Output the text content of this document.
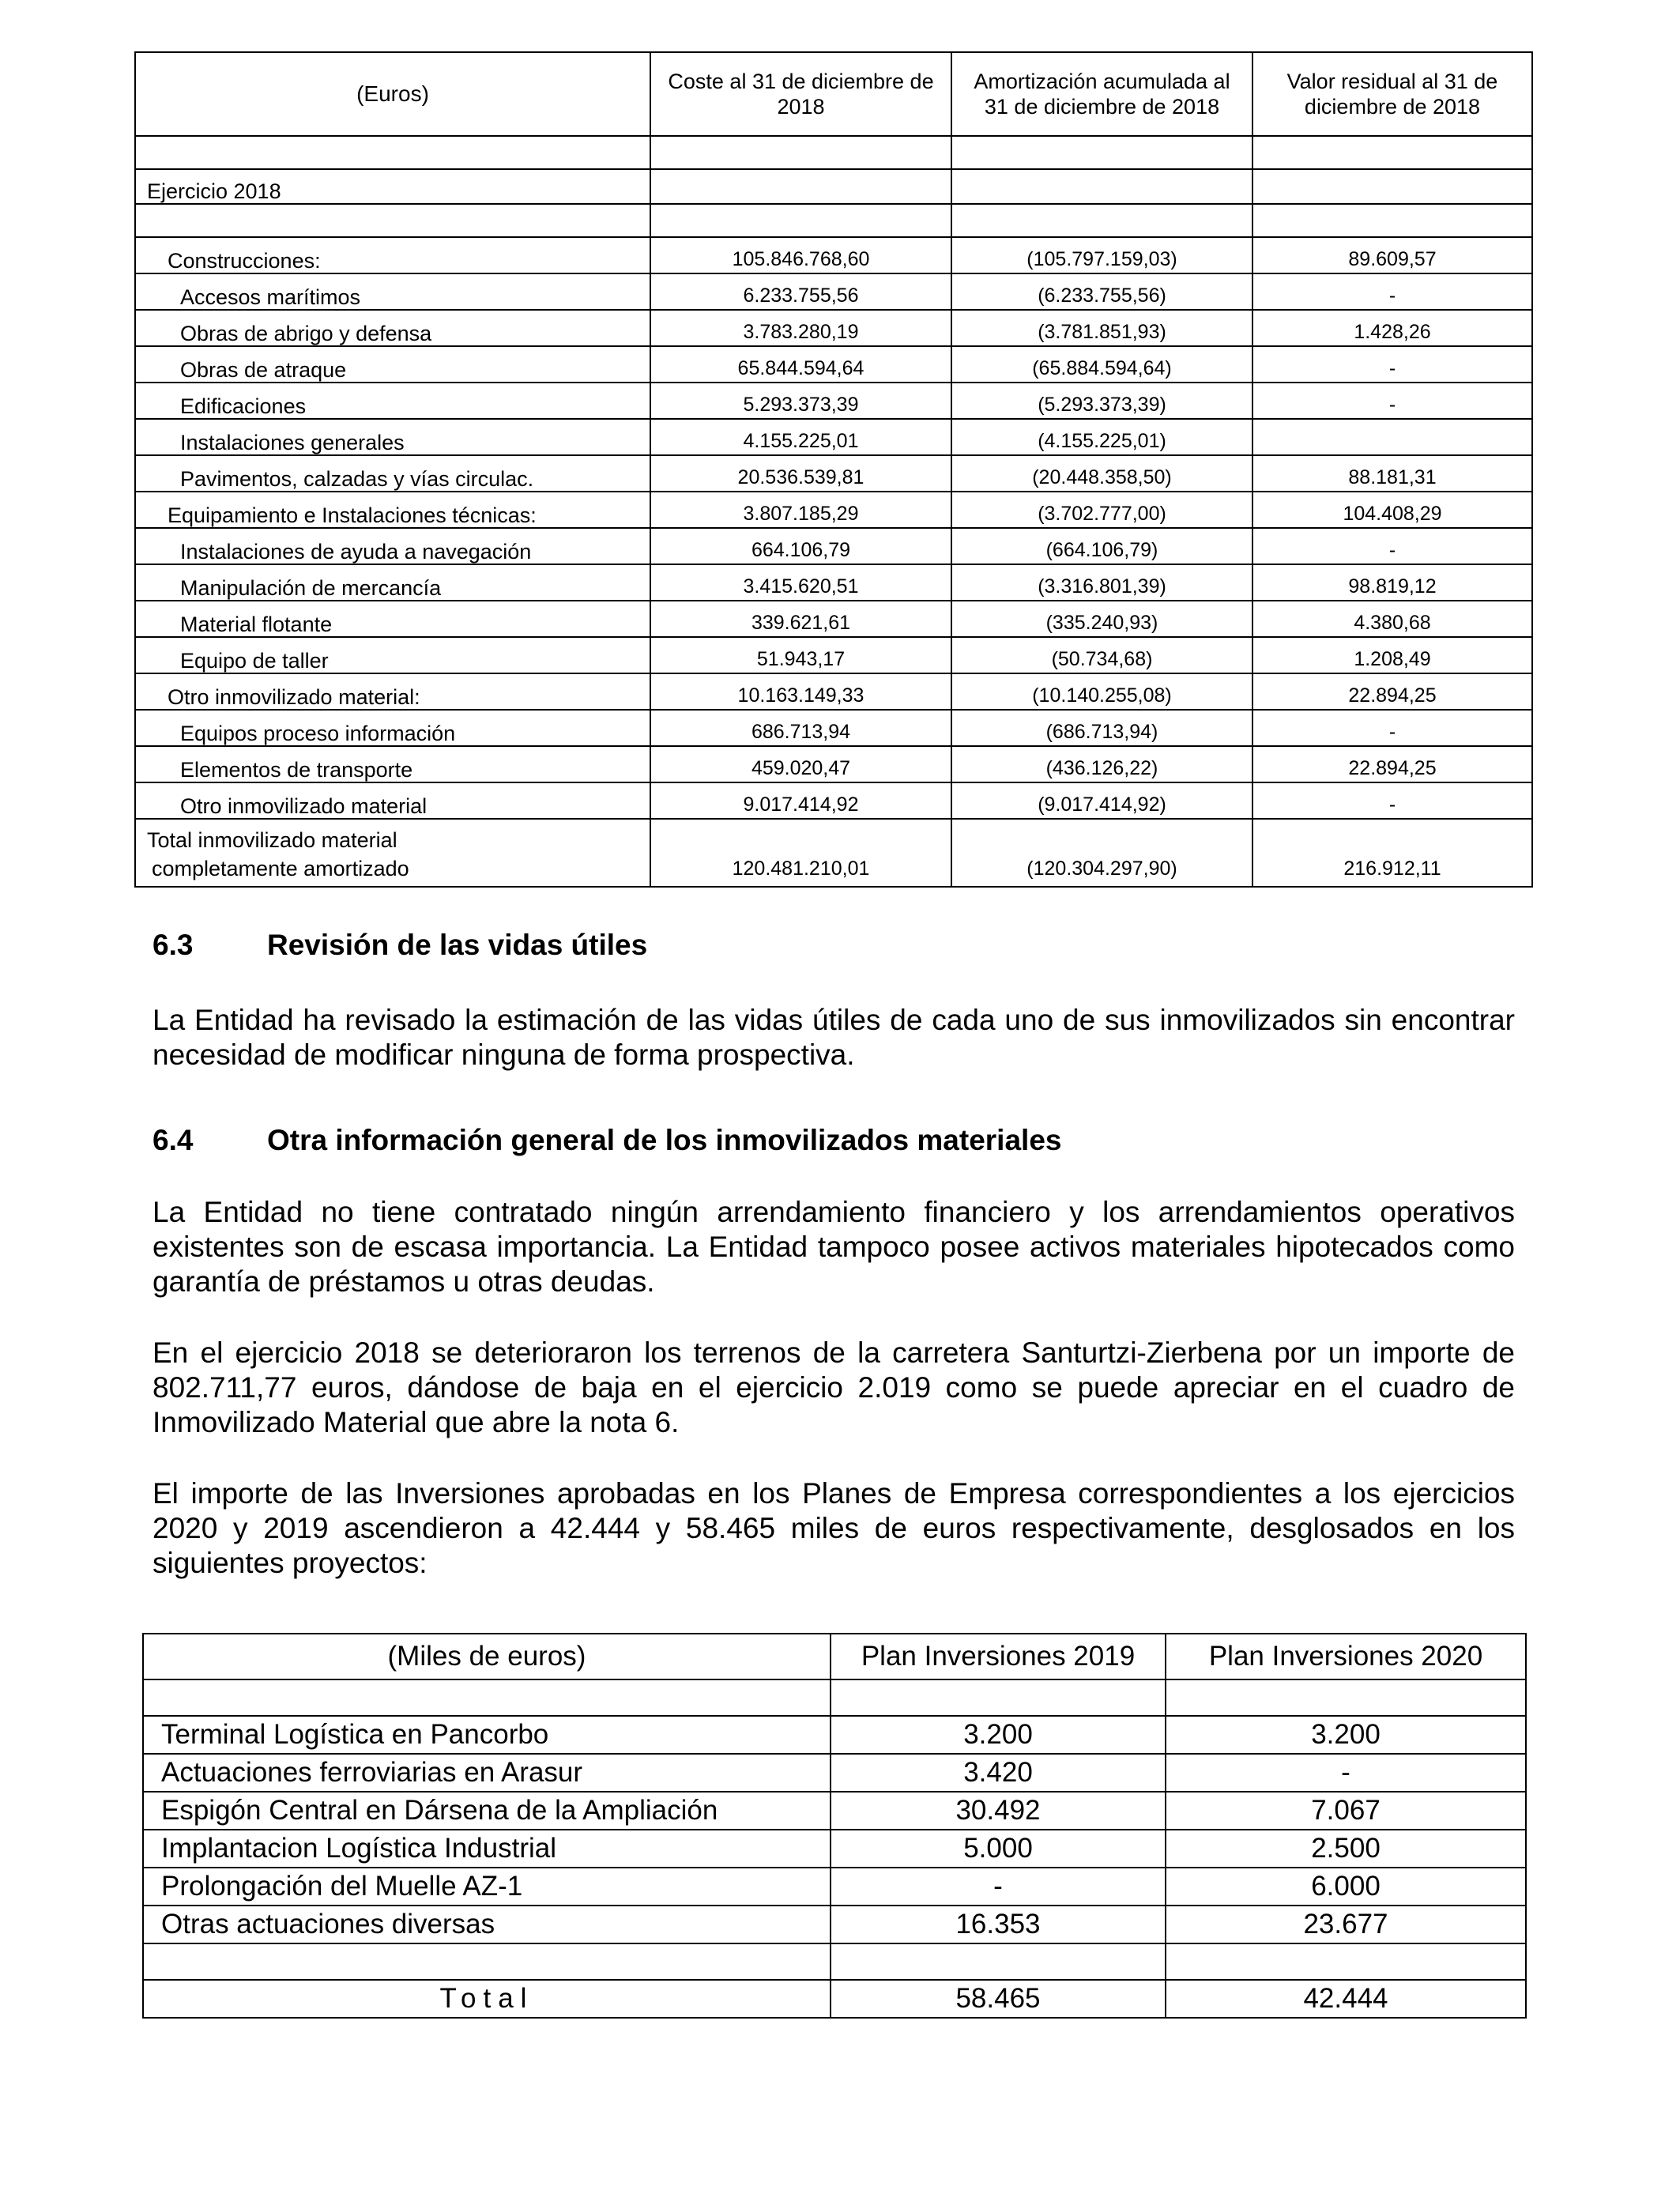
(Euros)	Coste al 31 de diciembre de 2018	Amortización acumulada al 31 de diciembre de 2018	Valor residual al 31 de diciembre de 2018

Ejercicio 2018			

Construcciones:	105.846.768,60	(105.797.159,03)	89.609,57
Accesos marítimos	6.233.755,56	(6.233.755,56)	-
Obras de abrigo y defensa	3.783.280,19	(3.781.851,93)	1.428,26
Obras de atraque	65.844.594,64	(65.884.594,64)	-
Edificaciones	5.293.373,39	(5.293.373,39)	-
Instalaciones generales	4.155.225,01	(4.155.225,01)	
Pavimentos, calzadas y vías circulac.	20.536.539,81	(20.448.358,50)	88.181,31
Equipamiento e Instalaciones técnicas:	3.807.185,29	(3.702.777,00)	104.408,29
Instalaciones de ayuda a navegación	664.106,79	(664.106,79)	-
Manipulación de mercancía	3.415.620,51	(3.316.801,39)	98.819,12
Material flotante	339.621,61	(335.240,93)	4.380,68
Equipo de taller	51.943,17	(50.734,68)	1.208,49
Otro inmovilizado material:	10.163.149,33	(10.140.255,08)	22.894,25
Equipos proceso información	686.713,94	(686.713,94)	-
Elementos de transporte	459.020,47	(436.126,22)	22.894,25
Otro inmovilizado material	9.017.414,92	(9.017.414,92)	-

Total inmovilizado material
completamente amortizado	120.481.210,01	(120.304.297,90)	216.912,11
6.3	Revisión de las vidas útiles

La Entidad ha revisado la estimación de las vidas útiles de cada uno de sus inmovilizados sin encontrar necesidad de modificar ninguna de forma prospectiva.

6.4	Otra información general de los inmovilizados materiales

La Entidad no tiene contratado ningún arrendamiento financiero y los arrendamientos operativos existentes son de escasa importancia. La Entidad tampoco posee activos materiales hipotecados como garantía de préstamos u otras deudas.

En el ejercicio 2018 se deterioraron los terrenos de la carretera Santurtzi-Zierbena por un importe de 802.711,77 euros, dándose de baja en el ejercicio 2.019 como se puede apreciar en el cuadro de Inmovilizado Material que abre la nota 6.

El importe de las Inversiones aprobadas en los Planes de Empresa correspondientes a los ejercicios 2020 y 2019 ascendieron a 42.444 y 58.465 miles de euros respectivamente, desglosados en los siguientes proyectos:

(Miles de euros)	Plan Inversiones 2019	Plan Inversiones 2020

Terminal Logística en Pancorbo	3.200	3.200
Actuaciones ferroviarias en Arasur	3.420	-
Espigón Central en Dársena de la Ampliación	30.492	7.067
Implantacion Logística Industrial	5.000	2.500
Prolongación del Muelle AZ-1	-	6.000
Otras actuaciones diversas	16.353	23.677

Total	58.465	42.444
